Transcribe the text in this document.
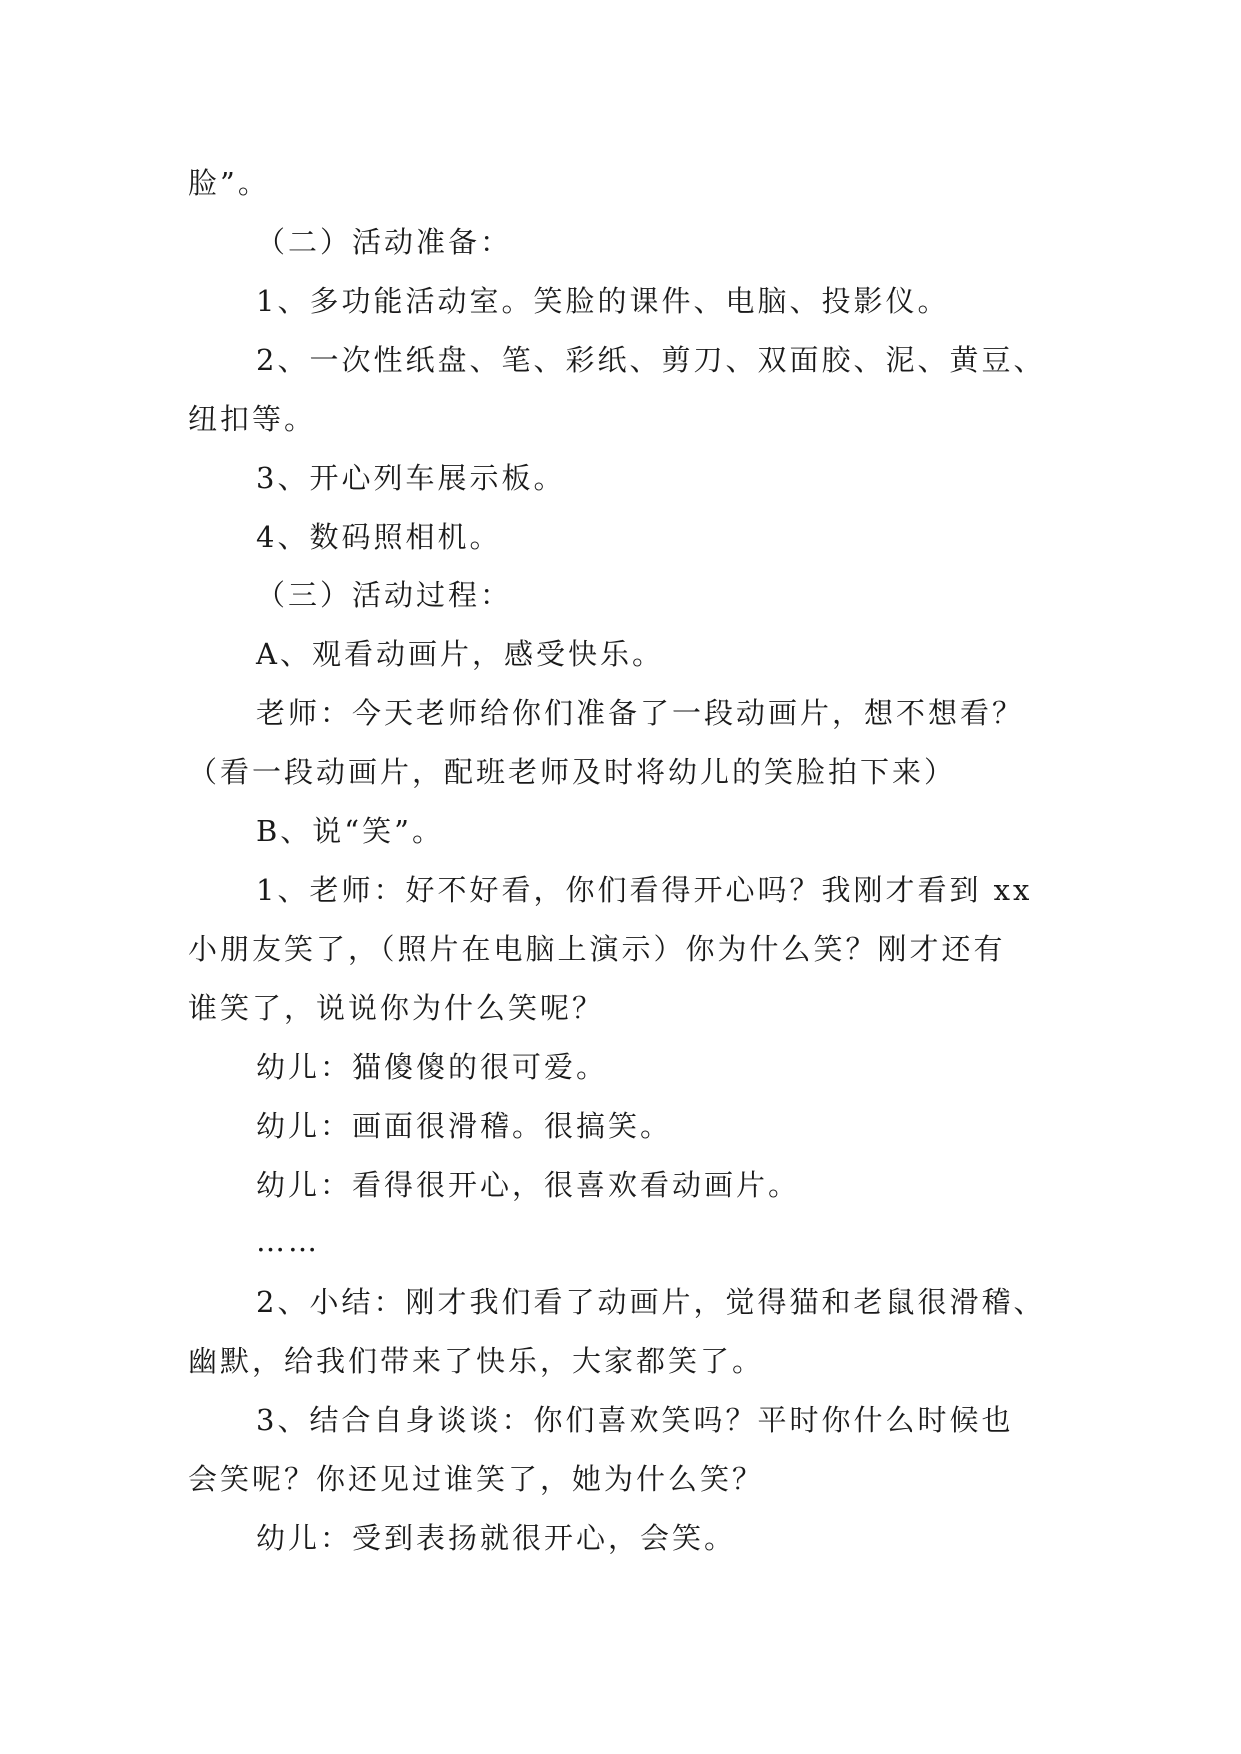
脸”。
（二）活动准备：
1、多功能活动室。笑脸的课件、电脑、投影仪。
2、一次性纸盘、笔、彩纸、剪刀、双面胶、泥、黄豆、
纽扣等。
3、开心列车展示板。
4、数码照相机。
（三）活动过程：
A、观看动画片，感受快乐。
老师：今天老师给你们准备了一段动画片，想不想看？
（看一段动画片，配班老师及时将幼儿的笑脸拍下来）
B、说“笑”。
1、老师：好不好看，你们看得开心吗？我刚才看到 xx
小朋友笑了，（照片在电脑上演示）你为什么笑？刚才还有
谁笑了，说说你为什么笑呢？
幼儿：猫傻傻的很可爱。
幼儿：画面很滑稽。很搞笑。
幼儿：看得很开心，很喜欢看动画片。
……
2、小结：刚才我们看了动画片，觉得猫和老鼠很滑稽、
幽默，给我们带来了快乐，大家都笑了。
3、结合自身谈谈：你们喜欢笑吗？平时你什么时候也
会笑呢？你还见过谁笑了，她为什么笑？
幼儿：受到表扬就很开心，会笑。
